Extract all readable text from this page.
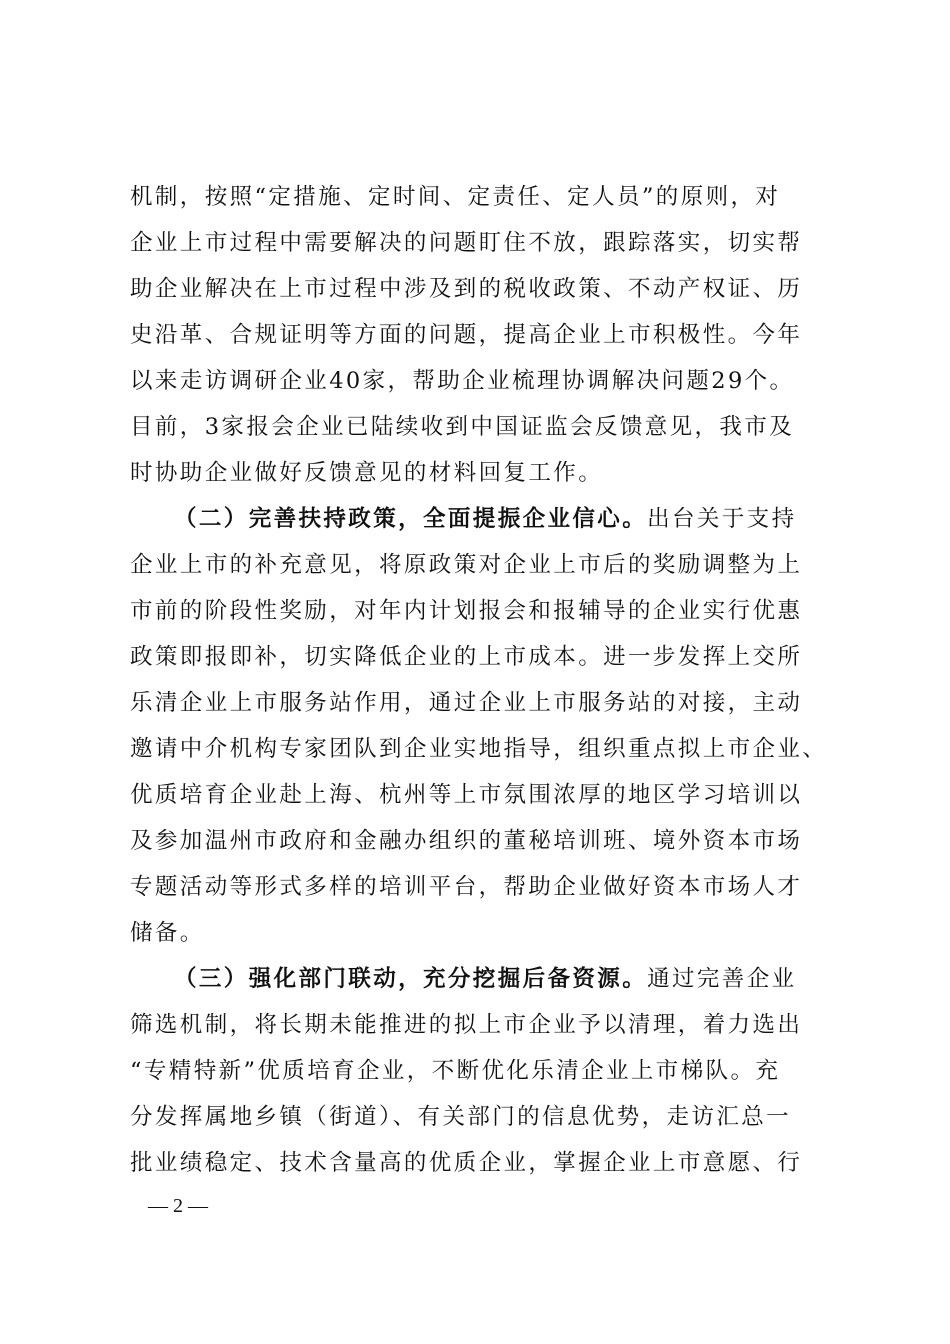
机制，按照“定措施、定时间、定责任、定人员”的原则，对
企业上市过程中需要解决的问题盯住不放，跟踪落实，切实帮
助企业解决在上市过程中涉及到的税收政策、不动产权证、历
史沿革、合规证明等方面的问题，提高企业上市积极性。今年
以来走访调研企业40家，帮助企业梳理协调解决问题29个。
目前，3家报会企业已陆续收到中国证监会反馈意见，我市及
时协助企业做好反馈意见的材料回复工作。
（二）完善扶持政策，全面提振企业信心。出台关于支持
企业上市的补充意见，将原政策对企业上市后的奖励调整为上
市前的阶段性奖励，对年内计划报会和报辅导的企业实行优惠
政策即报即补，切实降低企业的上市成本。进一步发挥上交所
乐清企业上市服务站作用，通过企业上市服务站的对接，主动
邀请中介机构专家团队到企业实地指导，组织重点拟上市企业、
优质培育企业赴上海、杭州等上市氛围浓厚的地区学习培训以
及参加温州市政府和金融办组织的董秘培训班、境外资本市场
专题活动等形式多样的培训平台，帮助企业做好资本市场人才
储备。
（三）强化部门联动，充分挖掘后备资源。通过完善企业
筛选机制，将长期未能推进的拟上市企业予以清理，着力选出
“专精特新”优质培育企业，不断优化乐清企业上市梯队。充
分发挥属地乡镇（街道）、有关部门的信息优势，走访汇总一
批业绩稳定、技术含量高的优质企业，掌握企业上市意愿、行
— 2 —
